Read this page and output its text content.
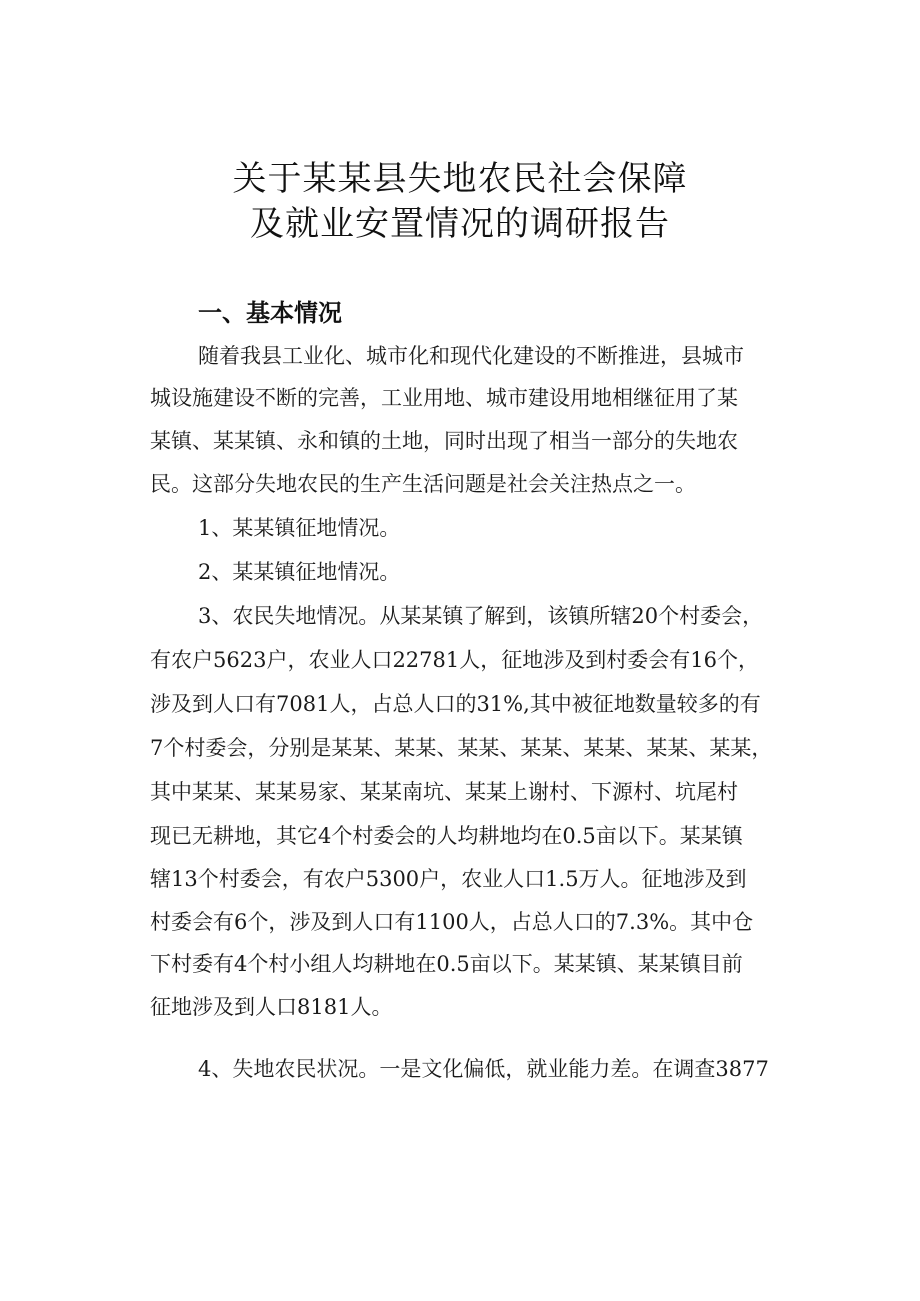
关于某某县失地农民社会保障
及就业安置情况的调研报告
一、基本情况
随着我县工业化、城市化和现代化建设的不断推进，县城市
城设施建设不断的完善，工业用地、城市建设用地相继征用了某
某镇、某某镇、永和镇的土地，同时出现了相当一部分的失地农
民。这部分失地农民的生产生活问题是社会关注热点之一。
1、某某镇征地情况。
2、某某镇征地情况。
3、农民失地情况。从某某镇了解到，该镇所辖20个村委会，
有农户5623户，农业人口22781人，征地涉及到村委会有16个，
涉及到人口有7081人，占总人口的31%,其中被征地数量较多的有
7个村委会，分别是某某、某某、某某、某某、某某、某某、某某，
其中某某、某某易家、某某南坑、某某上谢村、下源村、坑尾村
现已无耕地，其它4个村委会的人均耕地均在0.5亩以下。某某镇
辖13个村委会，有农户5300户，农业人口1.5万人。征地涉及到
村委会有6个，涉及到人口有1100人，占总人口的7.3%。其中仓
下村委有4个村小组人均耕地在0.5亩以下。某某镇、某某镇目前
征地涉及到人口8181人。
4、失地农民状况。一是文化偏低，就业能力差。在调查3877
